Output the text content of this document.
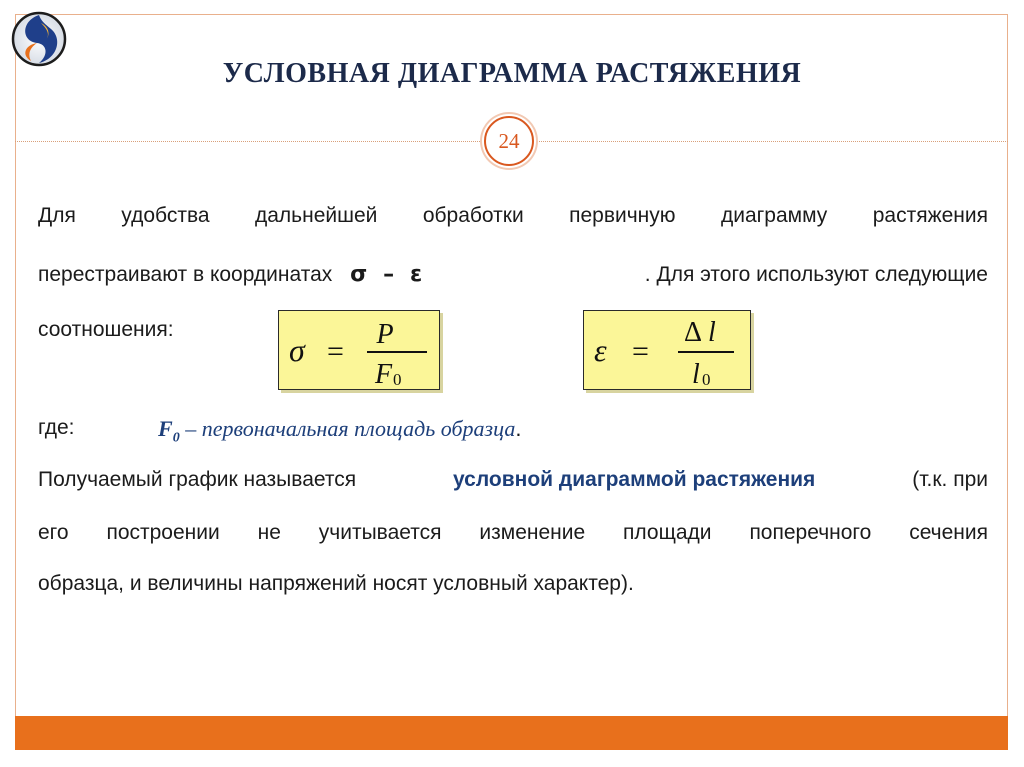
УСЛОВНАЯ ДИАГРАММА РАСТЯЖЕНИЯ
24
Для удобства дальнейшей обработки первичную диаграмму растяжения
перестраивают в координатах σ – ε	. Для этого используют следующие
соотношения:
σ =
P
F 0
ε =
Δ l
l 0
где:	$F_0$ – первоначальная площадь образца.
Получаемый график называется	условной диаграммой растяжения	(т.к. при
его построении не учитывается изменение площади поперечного сечения
образца, и величины напряжений носят условный характер).
